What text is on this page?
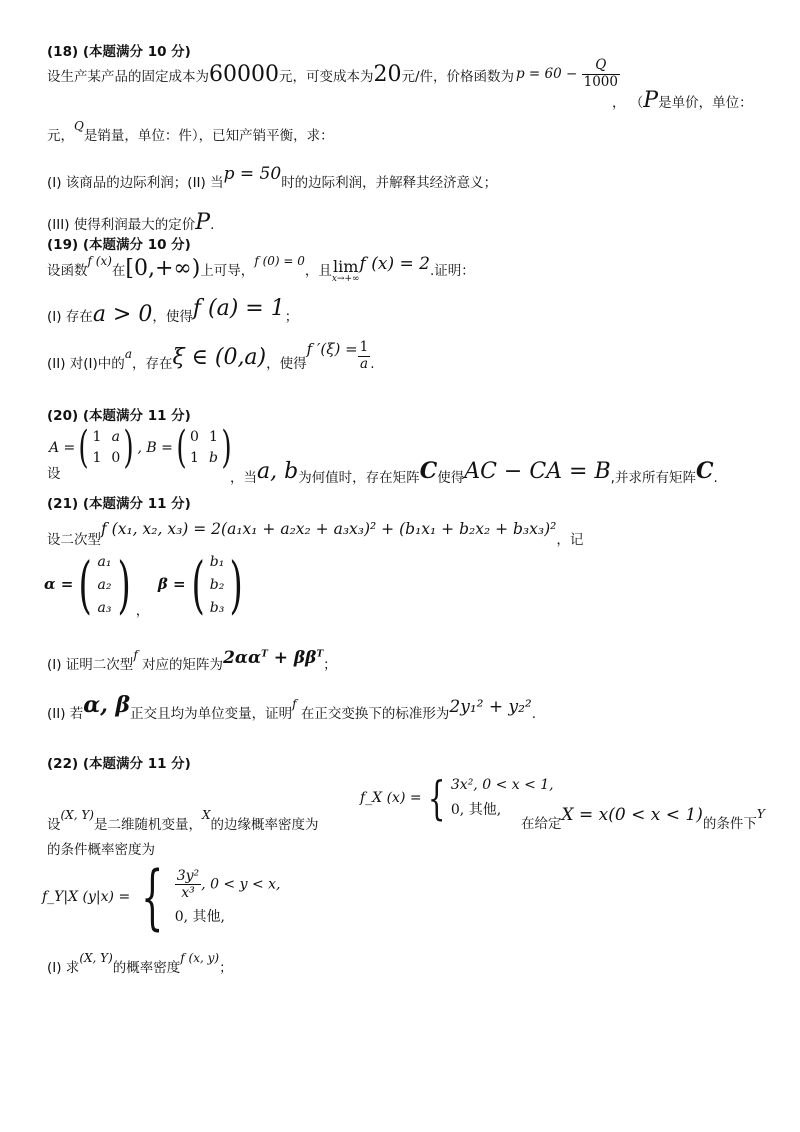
(18) (本题满分 10 分)
设生产某产品的固定成本为60000元，可变成本为20元/件，价格函数为 $p = 60 - \frac{Q}{1000}$
， （P是单价，单位：
元，Q是销量，单位：件），已知产销平衡，求：
(I) 该商品的边际利润；(II) 当p = 50时的边际利润，并解释其经济意义；
(III) 使得利润最大的定价P.
(19) (本题满分 10 分)
设函数f (x)在[0,+∞)上可导，f (0) = 0，且 lim
x→+∞
f (x) = 2.证明：
(I) 存在a > 0，使得f (a) = 1；
(II) 对(I)中的a，存在ξ ∈ (0,a)，使得f $'(\xi) = \frac{1}{a}$ .
(20) (本题满分 11 分)
设
A =( 1 a
1 0 ) , B =( 0 1
1 b )
，当a, b为何值时，存在矩阵C使得AC − CA = B,并求所有矩阵C.
(21) (本题满分 11 分)
设二次型f (x₁, x₂, x₃) = 2(a₁x₁ + a₂x₂ + a₃x₃)² + (b₁x₁ + b₂x₂ + b₃x₃)²，记
α =( a₁
a₂
a₃ ) ，  β =( b₁
b₂
b₃ )
(I) 证明二次型f 对应的矩阵为$2\alpha\alpha^T + \beta\beta^T$；
(II) 若α, β正交且均为单位变量，证明f 在正交变换下的标准形为2y₁² + y₂².
(22) (本题满分 11 分)
设(X, Y)是二维随机变量，X的边缘概率密度为
f_X (x) = { 3x², 0 < x < 1,
0, 其他,
在给定X = x(0 < x < 1)的条件下Y
的条件概率密度为
f_Y|X (y|x) = { $\frac{\text{3y²}}{\text{x³}}$ , 0 < y < x,
0, 其他,
(I) 求(X, Y)的概率密度f (x, y)；
